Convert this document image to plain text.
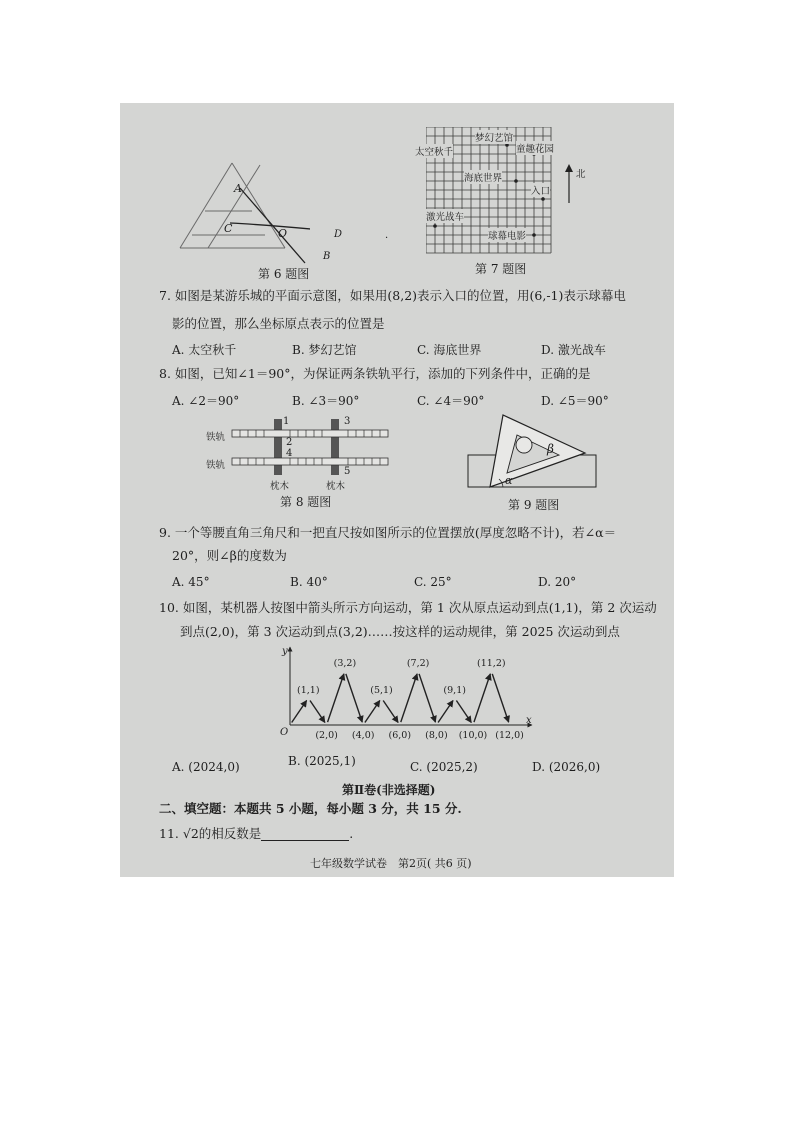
A
C	O	D
B
第 6 题图
·
梦幻艺馆
太空秋千	童趣花园
海底世界
入口
激光战车
球幕电影
北
第 7 题图
7. 如图是某游乐城的平面示意图，如果用(8,2)表示入口的位置，用(6,-1)表示球幕电
影的位置，那么坐标原点表示的位置是
A. 太空秋千	B. 梦幻艺馆	C. 海底世界	D. 激光战车
8. 如图，已知∠1＝90°，为保证两条铁轨平行，添加的下列条件中，正确的是
A. ∠2＝90°	B. ∠3＝90°	C. ∠4＝90°	D. ∠5＝90°
铁轨
铁轨
1
2
3
4
5
枕木	枕木
第 8 题图
β
α
第 9 题图
9. 一个等腰直角三角尺和一把直尺按如图所示的位置摆放(厚度忽略不计)，若∠α＝
20°，则∠β的度数为
A. 45°	B. 40°	C. 25°	D. 20°
10. 如图，某机器人按图中箭头所示方向运动，第 1 次从原点运动到点(1,1)，第 2 次运动
到点(2,0)，第 3 次运动到点(3,2)……按这样的运动规律，第 2025 次运动到点
x
y
O
(1,1)
(2,0)
(3,2)
(4,0)
(5,1)
(6,0)
(7,2)
(8,0)
(9,1)
(10,0)
(11,2)
(12,0)
A. (2024,0)	B. (2025,1)	C. (2025,2)	D. (2026,0)
第Ⅱ卷(非选择题)
二、填空题：本题共 5 小题，每小题 3 分，共 15 分.
11. √2的相反数是	.
七年级数学试卷　第2页( 共6 页)
